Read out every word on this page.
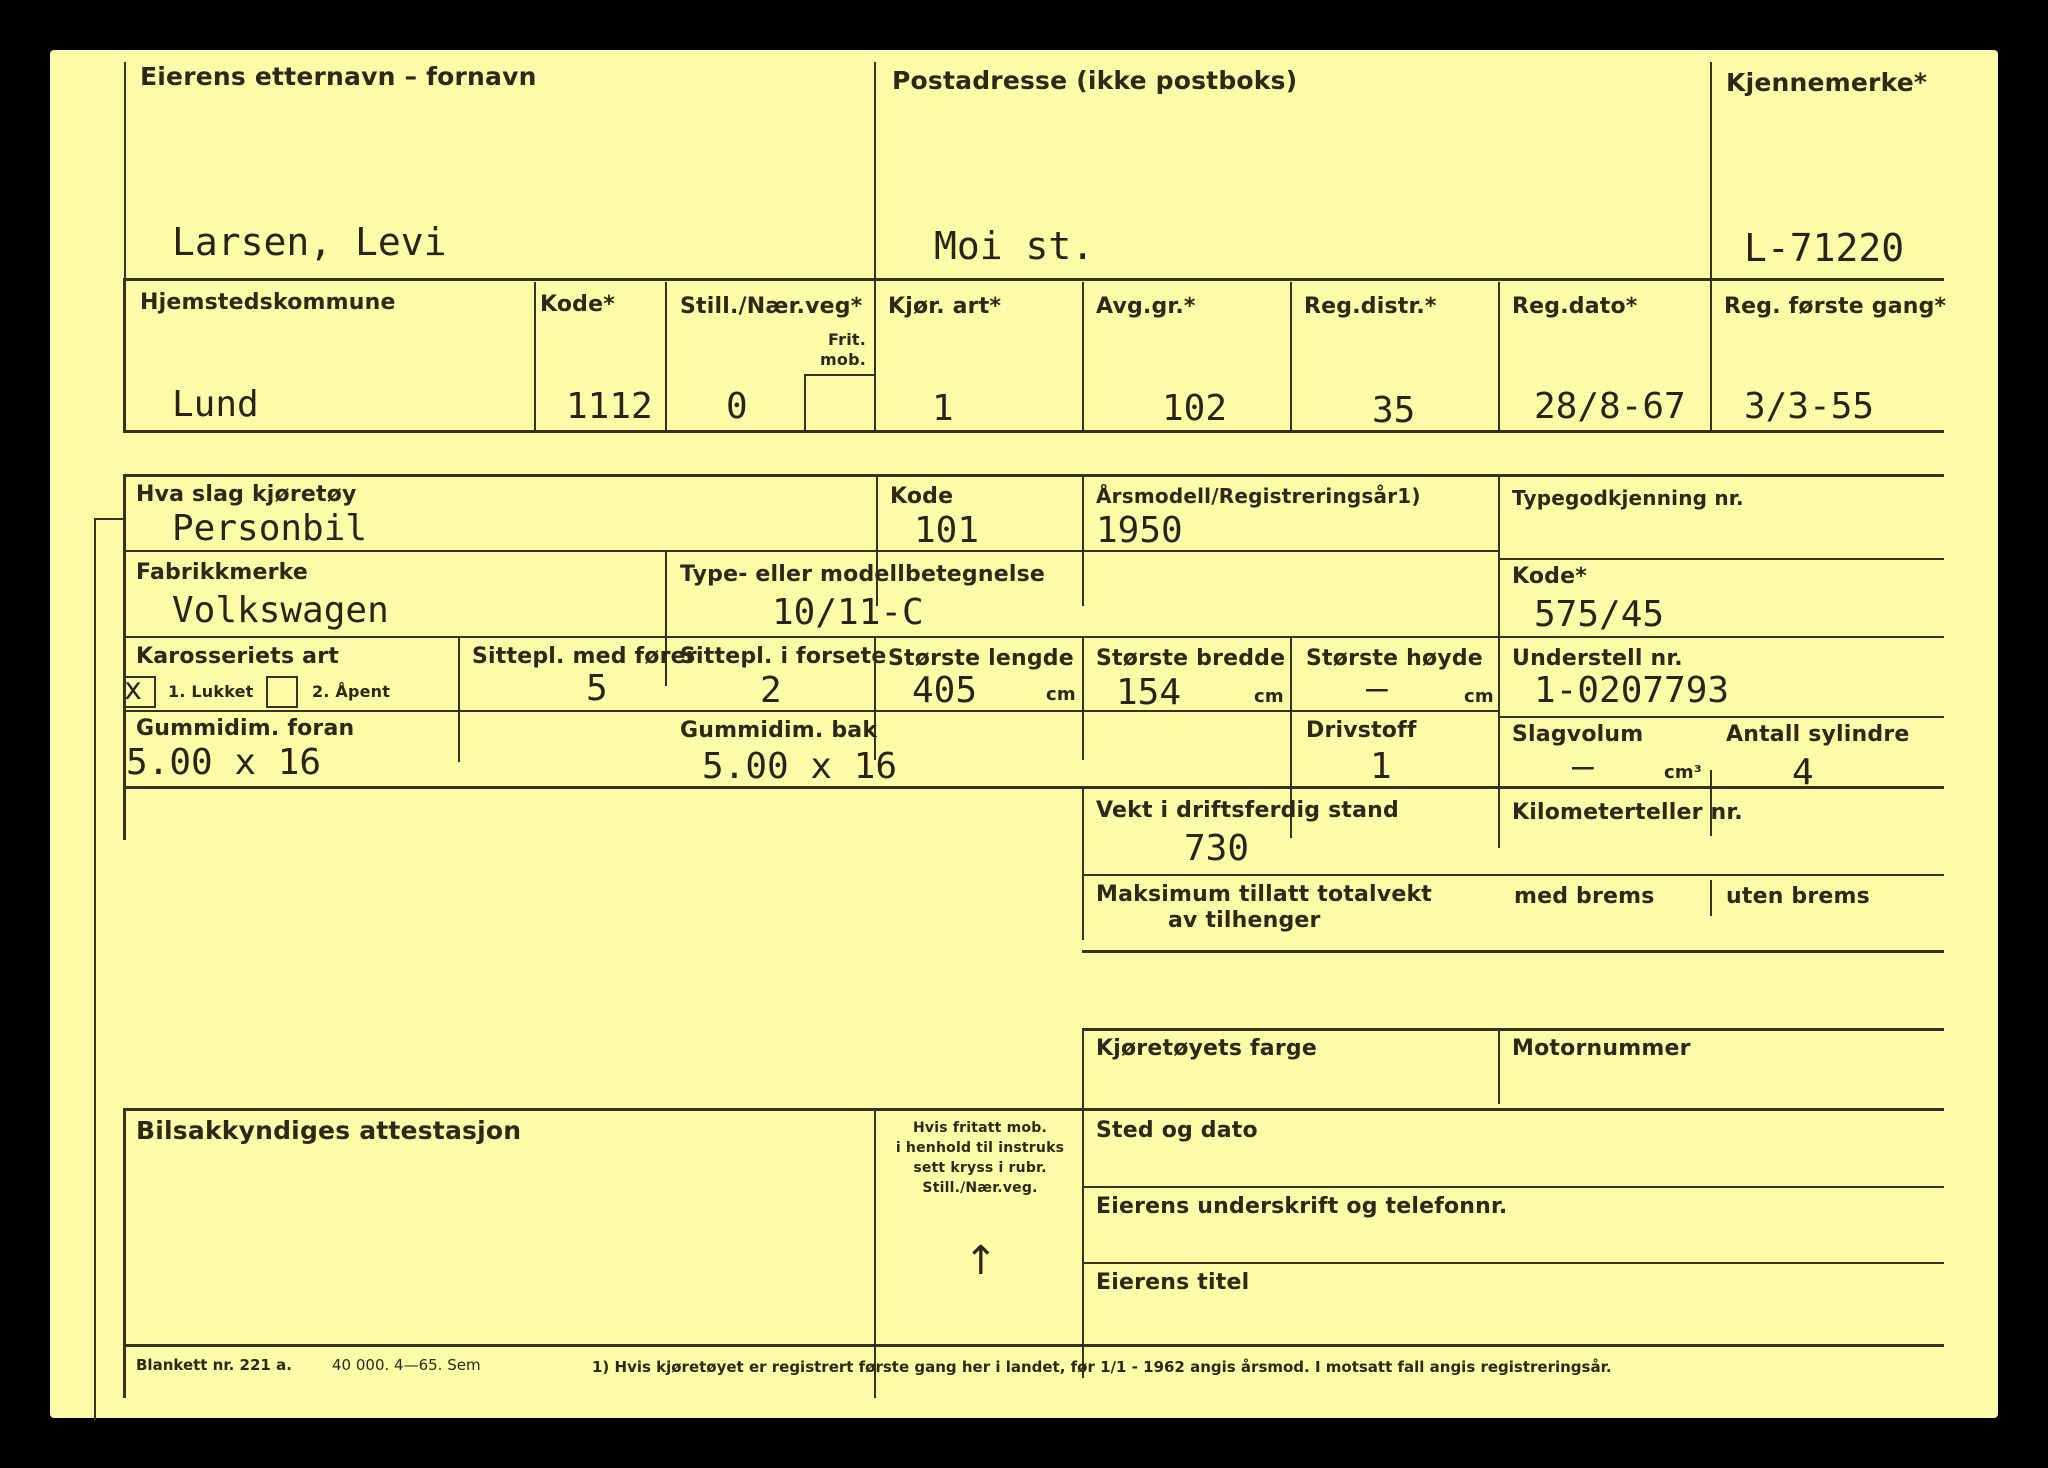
Eierens etternavn – fornavn
Larsen, Levi
Postadresse (ikke postboks)
Moi st.
Kjennemerke*
L-71220
Hjemstedskommune
Lund
Kode*
1112
Still./Nær.veg*
Frit.
mob.
0
Kjør. art*
1
Avg.gr.*
102
Reg.distr.*
35
Reg.dato*
28/8-67
Reg. første gang*
3/3-55
Hva slag kjøretøy
Personbil
Kode
101
Årsmodell/Registreringsår1)
1950
Typegodkjenning nr.
Fabrikkmerke
Volkswagen
Type- eller modellbetegnelse
10/11-C
Kode*
575/45
Karosseriets art
x 1. Lukket	2. Åpent
Sittepl. med fører
5
Sittepl. i forsete
2
Største lengde
405	cm
Største bredde
154	cm
Største høyde
–	cm
Understell nr.
1-0207793
Gummidim. foran
5.00 x 16
Gummidim. bak
5.00 x 16
Drivstoff
1
Slagvolum
–	cm³
Antall sylindre
4
Vekt i driftsferdig stand
730
Kilometerteller nr.
Maksimum tillatt totalvekt
av tilhenger
med brems	uten brems
Kjøretøyets farge	Motornummer
Bilsakkyndiges attestasjon	Hvis fritatt mob.
i henhold til instruks
sett kryss i rubr.
Still./Nær.veg.
↑
Sted og dato
Eierens underskrift og telefonnr.
Eierens titel
Blankett nr. 221 a.	40 000. 4—65. Sem	1) Hvis kjøretøyet er registrert første gang her i landet, før 1/1 - 1962 angis årsmod. I motsatt fall angis registreringsår.
